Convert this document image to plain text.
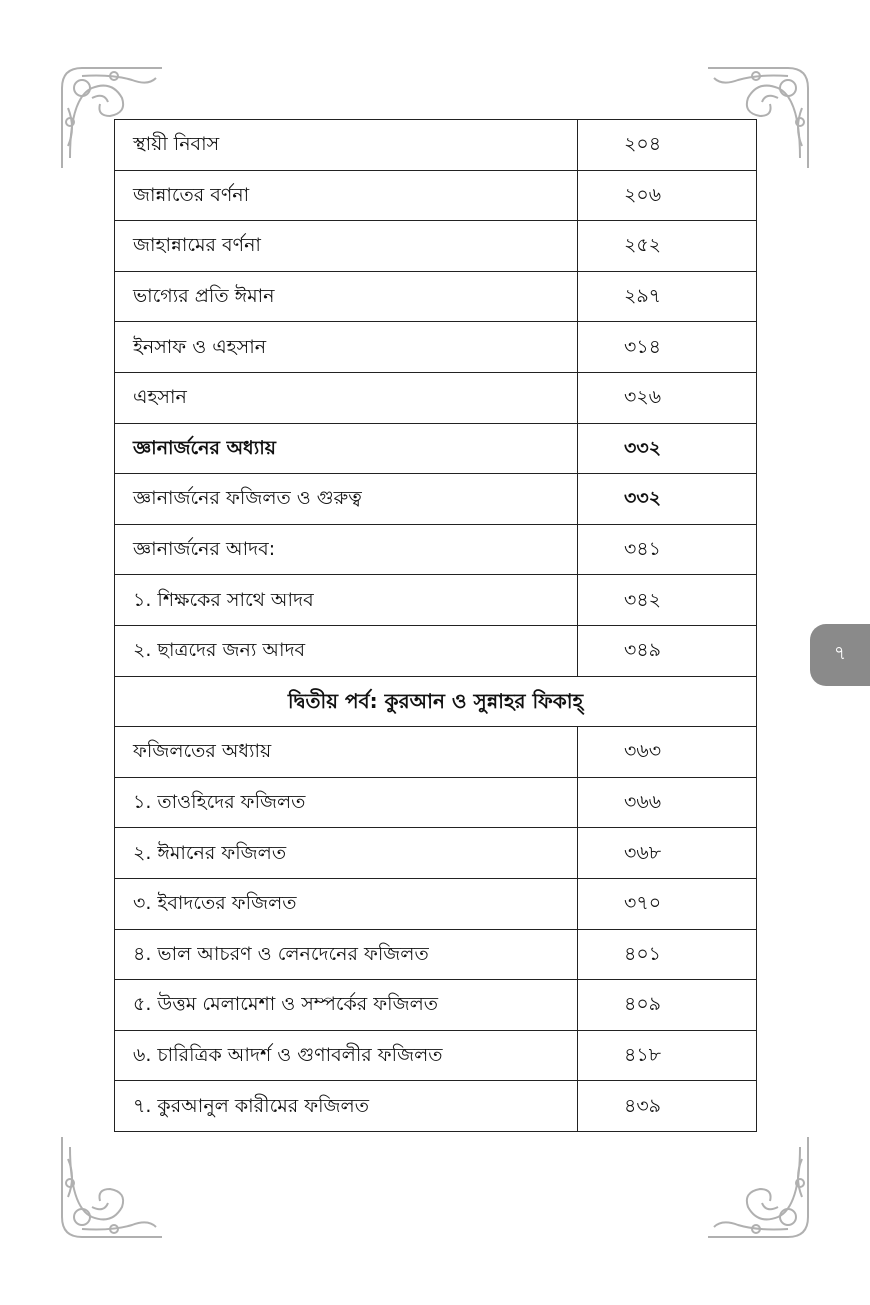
স্থায়ী নিবাস	২০৪
জান্নাতের বর্ণনা	২০৬
জাহান্নামের বর্ণনা	২৫২
ভাগ্যের প্রতি ঈমান	২৯৭
ইনসাফ ও এহসান	৩১৪
এহসান	৩২৬
জ্ঞানার্জনের অধ্যায়	৩৩২
জ্ঞানার্জনের ফজিলত ও গুরুত্ব	৩৩২
জ্ঞানার্জনের আদব:	৩৪১
১. শিক্ষকের সাথে আদব	৩৪২
২. ছাত্রদের জন্য আদব	৩৪৯
দ্বিতীয় পর্ব: কুরআন ও সুন্নাহর ফিকাহ্	
ফজিলতের অধ্যায়	৩৬৩
১. তাওহিদের ফজিলত	৩৬৬
২. ঈমানের ফজিলত	৩৬৮
৩. ইবাদতের ফজিলত	৩৭০
৪. ভাল আচরণ ও লেনদেনের ফজিলত	৪০১
৫. উত্তম মেলামেশা ও সম্পর্কের ফজিলত	৪০৯
৬. চারিত্রিক আদর্শ ও গুণাবলীর ফজিলত	৪১৮
৭. কুরআনুল কারীমের ফজিলত	৪৩৯
৭
